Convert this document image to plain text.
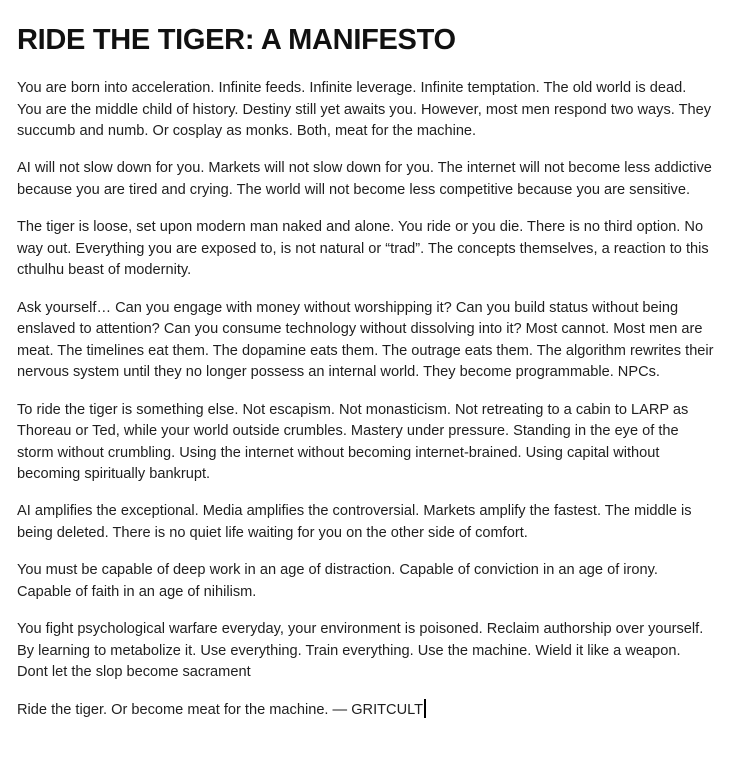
RIDE THE TIGER: A MANIFESTO

You are born into acceleration. Infinite feeds. Infinite leverage. Infinite temptation. The old world is dead. You are the middle child of history. Destiny still yet awaits you. However, most men respond two ways. They succumb and numb. Or cosplay as monks. Both, meat for the machine.

AI will not slow down for you. Markets will not slow down for you. The internet will not become less addictive because you are tired and crying. The world will not become less competitive because you are sensitive.

The tiger is loose, set upon modern man naked and alone. You ride or you die. There is no third option. No way out. Everything you are exposed to, is not natural or “trad”. The concepts themselves, a reaction to this cthulhu beast of modernity.

Ask yourself… Can you engage with money without worshipping it? Can you build status without being enslaved to attention? Can you consume technology without dissolving into it? Most cannot. Most men are meat. The timelines eat them. The dopamine eats them. The outrage eats them. The algorithm rewrites their nervous system until they no longer possess an internal world. They become programmable. NPCs.

To ride the tiger is something else. Not escapism. Not monasticism. Not retreating to a cabin to LARP as Thoreau or Ted, while your world outside crumbles. Mastery under pressure. Standing in the eye of the storm without crumbling. Using the internet without becoming internet-brained. Using capital without becoming spiritually bankrupt.

AI amplifies the exceptional. Media amplifies the controversial. Markets amplify the fastest. The middle is being deleted. There is no quiet life waiting for you on the other side of comfort.

You must be capable of deep work in an age of distraction. Capable of conviction in an age of irony. Capable of faith in an age of nihilism.

You fight psychological warfare everyday, your environment is poisoned. Reclaim authorship over yourself. By learning to metabolize it. Use everything. Train everything. Use the machine. Wield it like a weapon. Dont let the slop become sacrament

Ride the tiger. Or become meat for the machine. — GRITCULT
